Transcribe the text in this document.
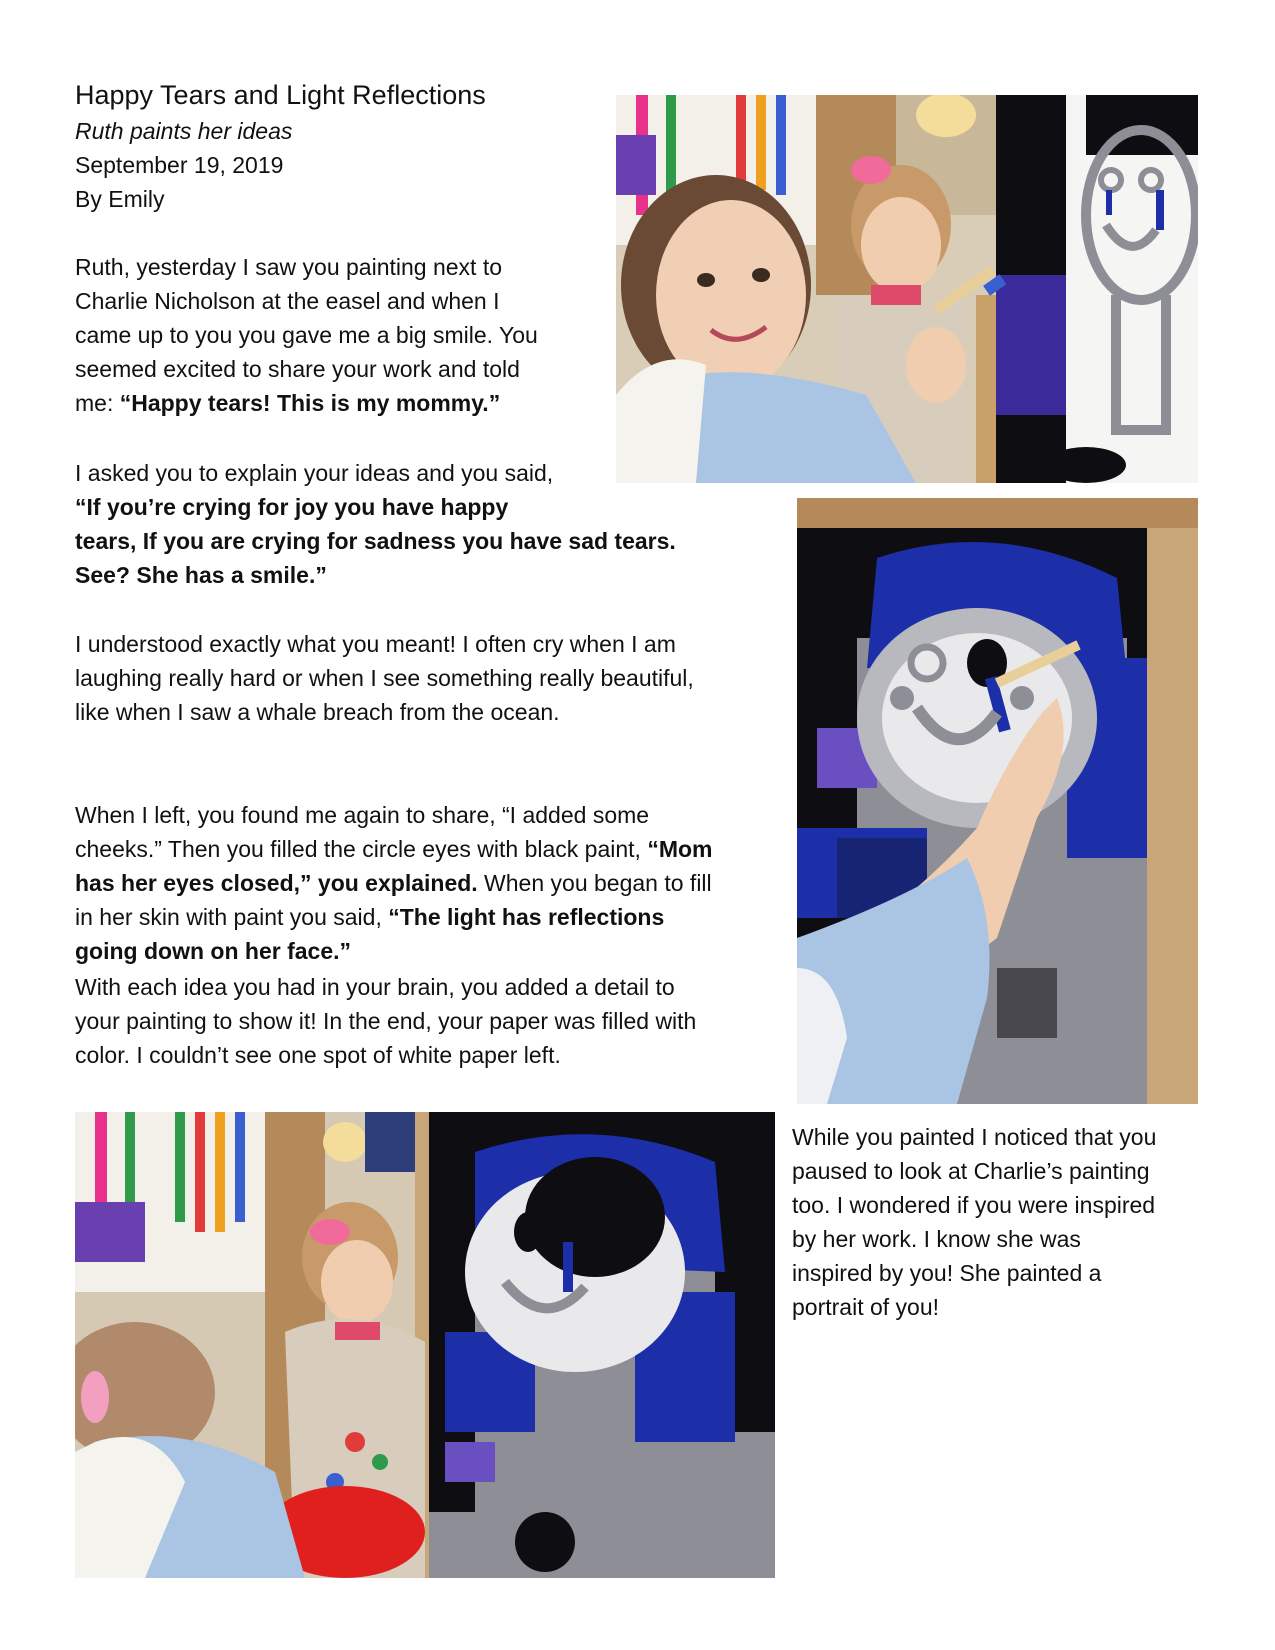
Happy Tears and Light Reflections
Ruth paints her ideas
September 19, 2019
By Emily

Ruth, yesterday I saw you painting next to
Charlie Nicholson at the easel and when I
came up to you you gave me a big smile. You
seemed excited to share your work and told
me: “Happy tears! This is my mommy.”

I asked you to explain your ideas and you said,
“If you’re crying for joy you have happy
tears, If you are crying for sadness you have sad tears.
See? She has a smile.”

I understood exactly what you meant! I often cry when I am
laughing really hard or when I see something really beautiful,
like when I saw a whale breach from the ocean.

When I left, you found me again to share, “I added some
cheeks.” Then you filled the circle eyes with black paint, “Mom
has her eyes closed,” you explained. When you began to fill
in her skin with paint you said, “The light has reflections
going down on her face.”

With each idea you had in your brain, you added a detail to
your painting to show it! In the end, your paper was filled with
color. I couldn’t see one spot of white paper left.

While you painted I noticed that you
paused to look at Charlie’s painting
too. I wondered if you were inspired
by her work. I know she was
inspired by you! She painted a
portrait of you!
